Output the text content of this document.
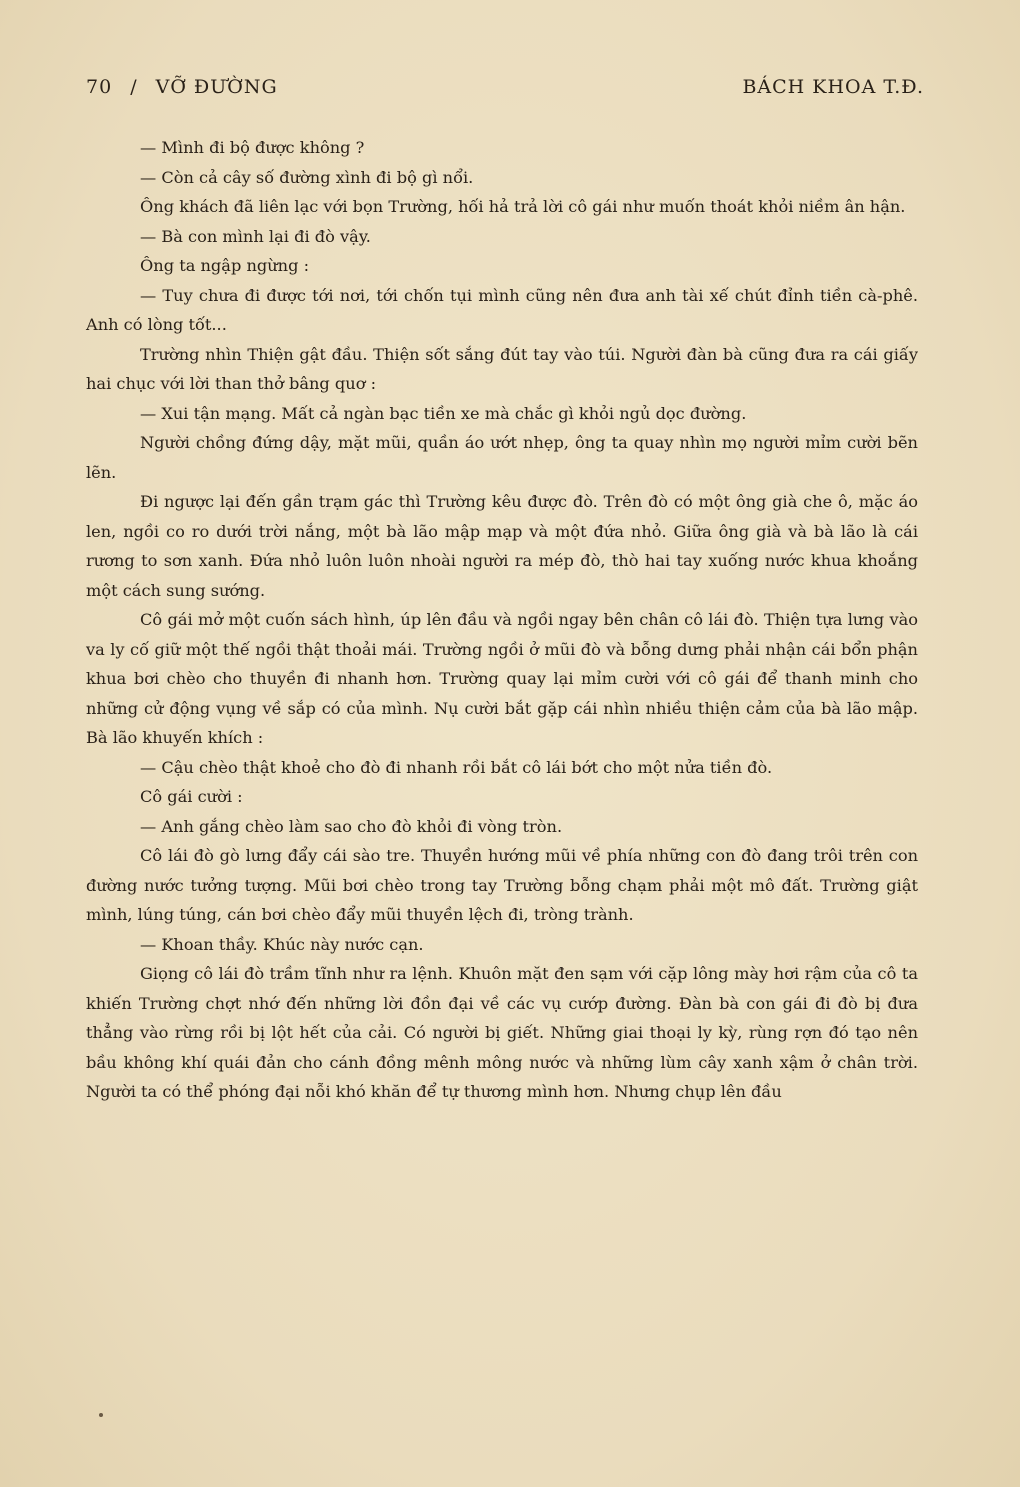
70 / VỠ ĐƯỜNG	BÁCH KHOA T.Đ.

— Mình đi bộ được không ?

— Còn cả cây số đường xình đi bộ gì nổi.

Ông khách đã liên lạc với bọn Trường, hối hả trả lời cô gái như muốn thoát khỏi niềm ân hận.

— Bà con mình lại đi đò vậy.

Ông ta ngập ngừng :

— Tuy chưa đi được tới nơi, tới chốn tụi mình cũng nên đưa anh tài xế chút đỉnh tiền cà-phê. Anh có lòng tốt...

Trường nhìn Thiện gật đầu. Thiện sốt sắng đút tay vào túi. Người đàn bà cũng đưa ra cái giấy hai chục với lời than thở bâng quơ :

— Xui tận mạng. Mất cả ngàn bạc tiền xe mà chắc gì khỏi ngủ dọc đường.

Người chồng đứng dậy, mặt mũi, quần áo ướt nhẹp, ông ta quay nhìn mọ người mỉm cười bẽn lẽn.

Đi ngược lại đến gần trạm gác thì Trường kêu được đò. Trên đò có một ông già che ô, mặc áo len, ngồi co ro dưới trời nắng, một bà lão mập mạp và một đứa nhỏ. Giữa ông già và bà lão là cái rương to sơn xanh. Đứa nhỏ luôn luôn nhoài người ra mép đò, thò hai tay xuống nước khua khoắng một cách sung sướng.

Cô gái mở một cuốn sách hình, úp lên đầu và ngồi ngay bên chân cô lái đò. Thiện tựa lưng vào va ly cố giữ một thế ngồi thật thoải mái. Trường ngồi ở mũi đò và bỗng dưng phải nhận cái bổn phận khua bơi chèo cho thuyền đi nhanh hơn. Trường quay lại mỉm cười với cô gái để thanh minh cho những cử động vụng về sắp có của mình. Nụ cười bắt gặp cái nhìn nhiều thiện cảm của bà lão mập. Bà lão khuyến khích :

— Cậu chèo thật khoẻ cho đò đi nhanh rồi bắt cô lái bớt cho một nửa tiền đò.

Cô gái cười :

— Anh gắng chèo làm sao cho đò khỏi đi vòng tròn.

Cô lái đò gò lưng đẩy cái sào tre. Thuyền hướng mũi về phía những con đò đang trôi trên con đường nước tưởng tượng. Mũi bơi chèo trong tay Trường bỗng chạm phải một mô đất. Trường giật mình, lúng túng, cán bơi chèo đẩy mũi thuyền lệch đi, tròng trành.

— Khoan thầy. Khúc này nước cạn.

Giọng cô lái đò trầm tĩnh như ra lệnh. Khuôn mặt đen sạm với cặp lông mày hơi rậm của cô ta khiến Trường chợt nhớ đến những lời đồn đại về các vụ cướp đường. Đàn bà con gái đi đò bị đưa thẳng vào rừng rồi bị lột hết của cải. Có người bị giết. Những giai thoại ly kỳ, rùng rợn đó tạo nên bầu không khí quái đản cho cánh đồng mênh mông nước và những lùm cây xanh xậm ở chân trời. Người ta có thể phóng đại nỗi khó khăn để tự thương mình hơn. Nhưng chụp lên đầu
